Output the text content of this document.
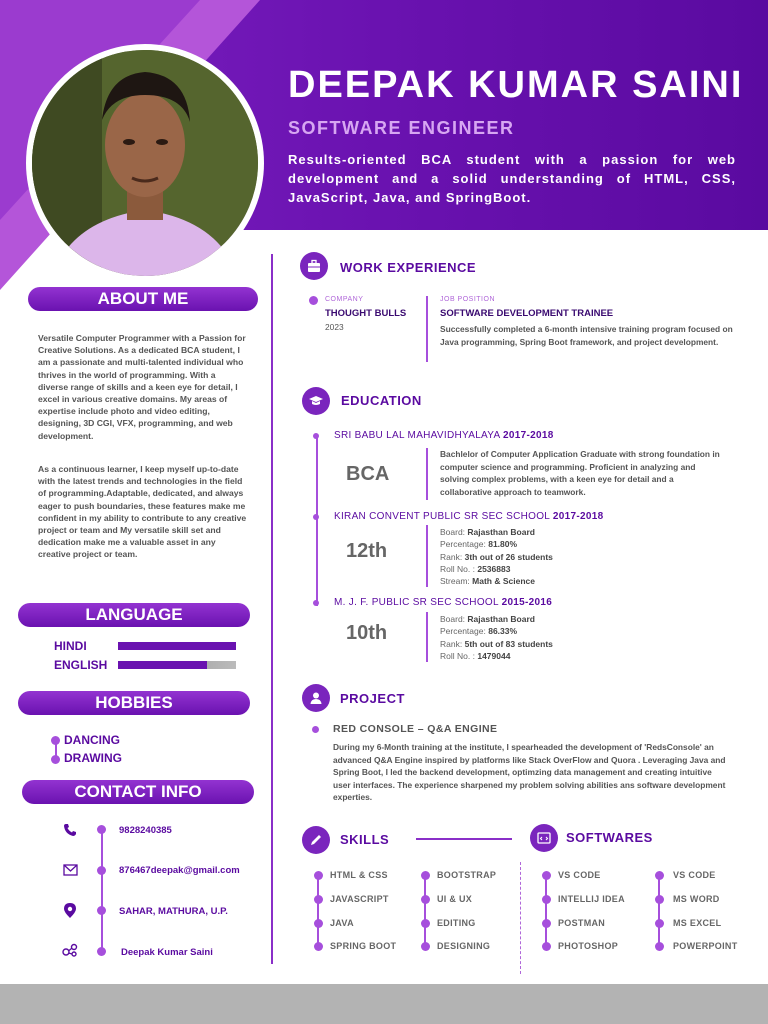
DEEPAK KUMAR SAINI
SOFTWARE ENGINEER
Results-oriented BCA student with a passion for web development and a solid understanding of HTML, CSS, JavaScript, Java, and SpringBoot.
ABOUT ME
Versatile Computer Programmer with a Passion for Creative Solutions. As a dedicated BCA student, I am a passionate and multi-talented individual who thrives in the world of programming. With a diverse range of skills and a keen eye for detail, I excel in various creative domains. My areas of expertise include photo and video editing, designing, 3D CGI, VFX, programming, and web development.
As a continuous learner, I keep myself up-to-date with the latest trends and technologies in the field of programming.Adaptable, dedicated, and always eager to push boundaries, these features make me confident in my ability to contribute to any creative project or team and My versatile skill set and dedication make me a valuable asset in any creative project or team.
LANGUAGE
HINDI
ENGLISH
HOBBIES
DANCING
DRAWING
CONTACT INFO
9828240385
876467deepak@gmail.com
SAHAR, MATHURA, U.P.
Deepak Kumar Saini
WORK EXPERIENCE
COMPANY
THOUGHT BULLS
2023
JOB POSITION
SOFTWARE DEVELOPMENT TRAINEE
Successfully completed a 6-month intensive training program focused on Java programming, Spring Boot framework, and project development.
EDUCATION
SRI BABU LAL MAHAVIDHYALAYA 2017-2018
BCA
Bachlelor of Computer Application Graduate with strong foundation in computer science and programming. Proficient in analyzing and solving complex problems, with a keen eye for detail and a collaborative approach to teamwork.
KIRAN CONVENT PUBLIC SR SEC SCHOOL 2017-2018
12th
Board: Rajasthan Board
Percentage: 81.80%
Rank: 3th out of 26 students
Roll No. : 2536883
Stream: Math & Science
M. J. F. PUBLIC SR SEC SCHOOL 2015-2016
10th
Board: Rajasthan Board
Percentage: 86.33%
Rank: 5th out of 83 students
Roll No. : 1479044
PROJECT
RED CONSOLE – Q&A ENGINE
During my 6-Month training at the institute, I spearheaded the development of 'RedsConsole' an advanced Q&A Engine inspired by platforms like Stack OverFlow and Quora . Leveraging Java and Spring Boot, I led the backend development, optimzing data management and creating intuitive user interfaces. The experience sharpened my problem solving abilities ans software development experties.
SKILLS	SOFTWARES
HTML & CSS
JAVASCRIPT
JAVA
SPRING BOOT
BOOTSTRAP
UI & UX
EDITING
DESIGNING
VS CODE
INTELLIJ IDEA
POSTMAN
PHOTOSHOP
VS CODE
MS WORD
MS EXCEL
POWERPOINT
